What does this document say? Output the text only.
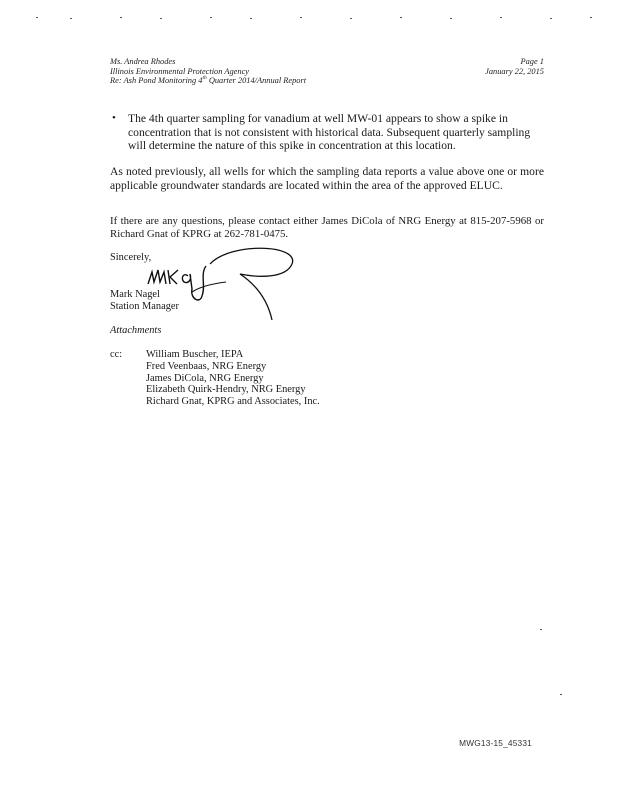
Ms. Andrea Rhodes
Illinois Environmental Protection Agency
Re: Ash Pond Monitoring 4th Quarter 2014/Annual Report
Page 1
January 22, 2015
• The 4th quarter sampling for vanadium at well MW-01 appears to show a spike in concentration that is not consistent with historical data. Subsequent quarterly sampling will determine the nature of this spike in concentration at this location.
As noted previously, all wells for which the sampling data reports a value above one or more applicable groundwater standards are located within the area of the approved ELUC.
If there are any questions, please contact either James DiCola of NRG Energy at 815-207-5968 or Richard Gnat of KPRG at 262-781-0475.
Sincerely,
Mark Nagel
Station Manager
Attachments
cc: William Buscher, IEPA
Fred Veenbaas, NRG Energy
James DiCola, NRG Energy
Elizabeth Quirk-Hendry, NRG Energy
Richard Gnat, KPRG and Associates, Inc.
MWG13-15_45331
